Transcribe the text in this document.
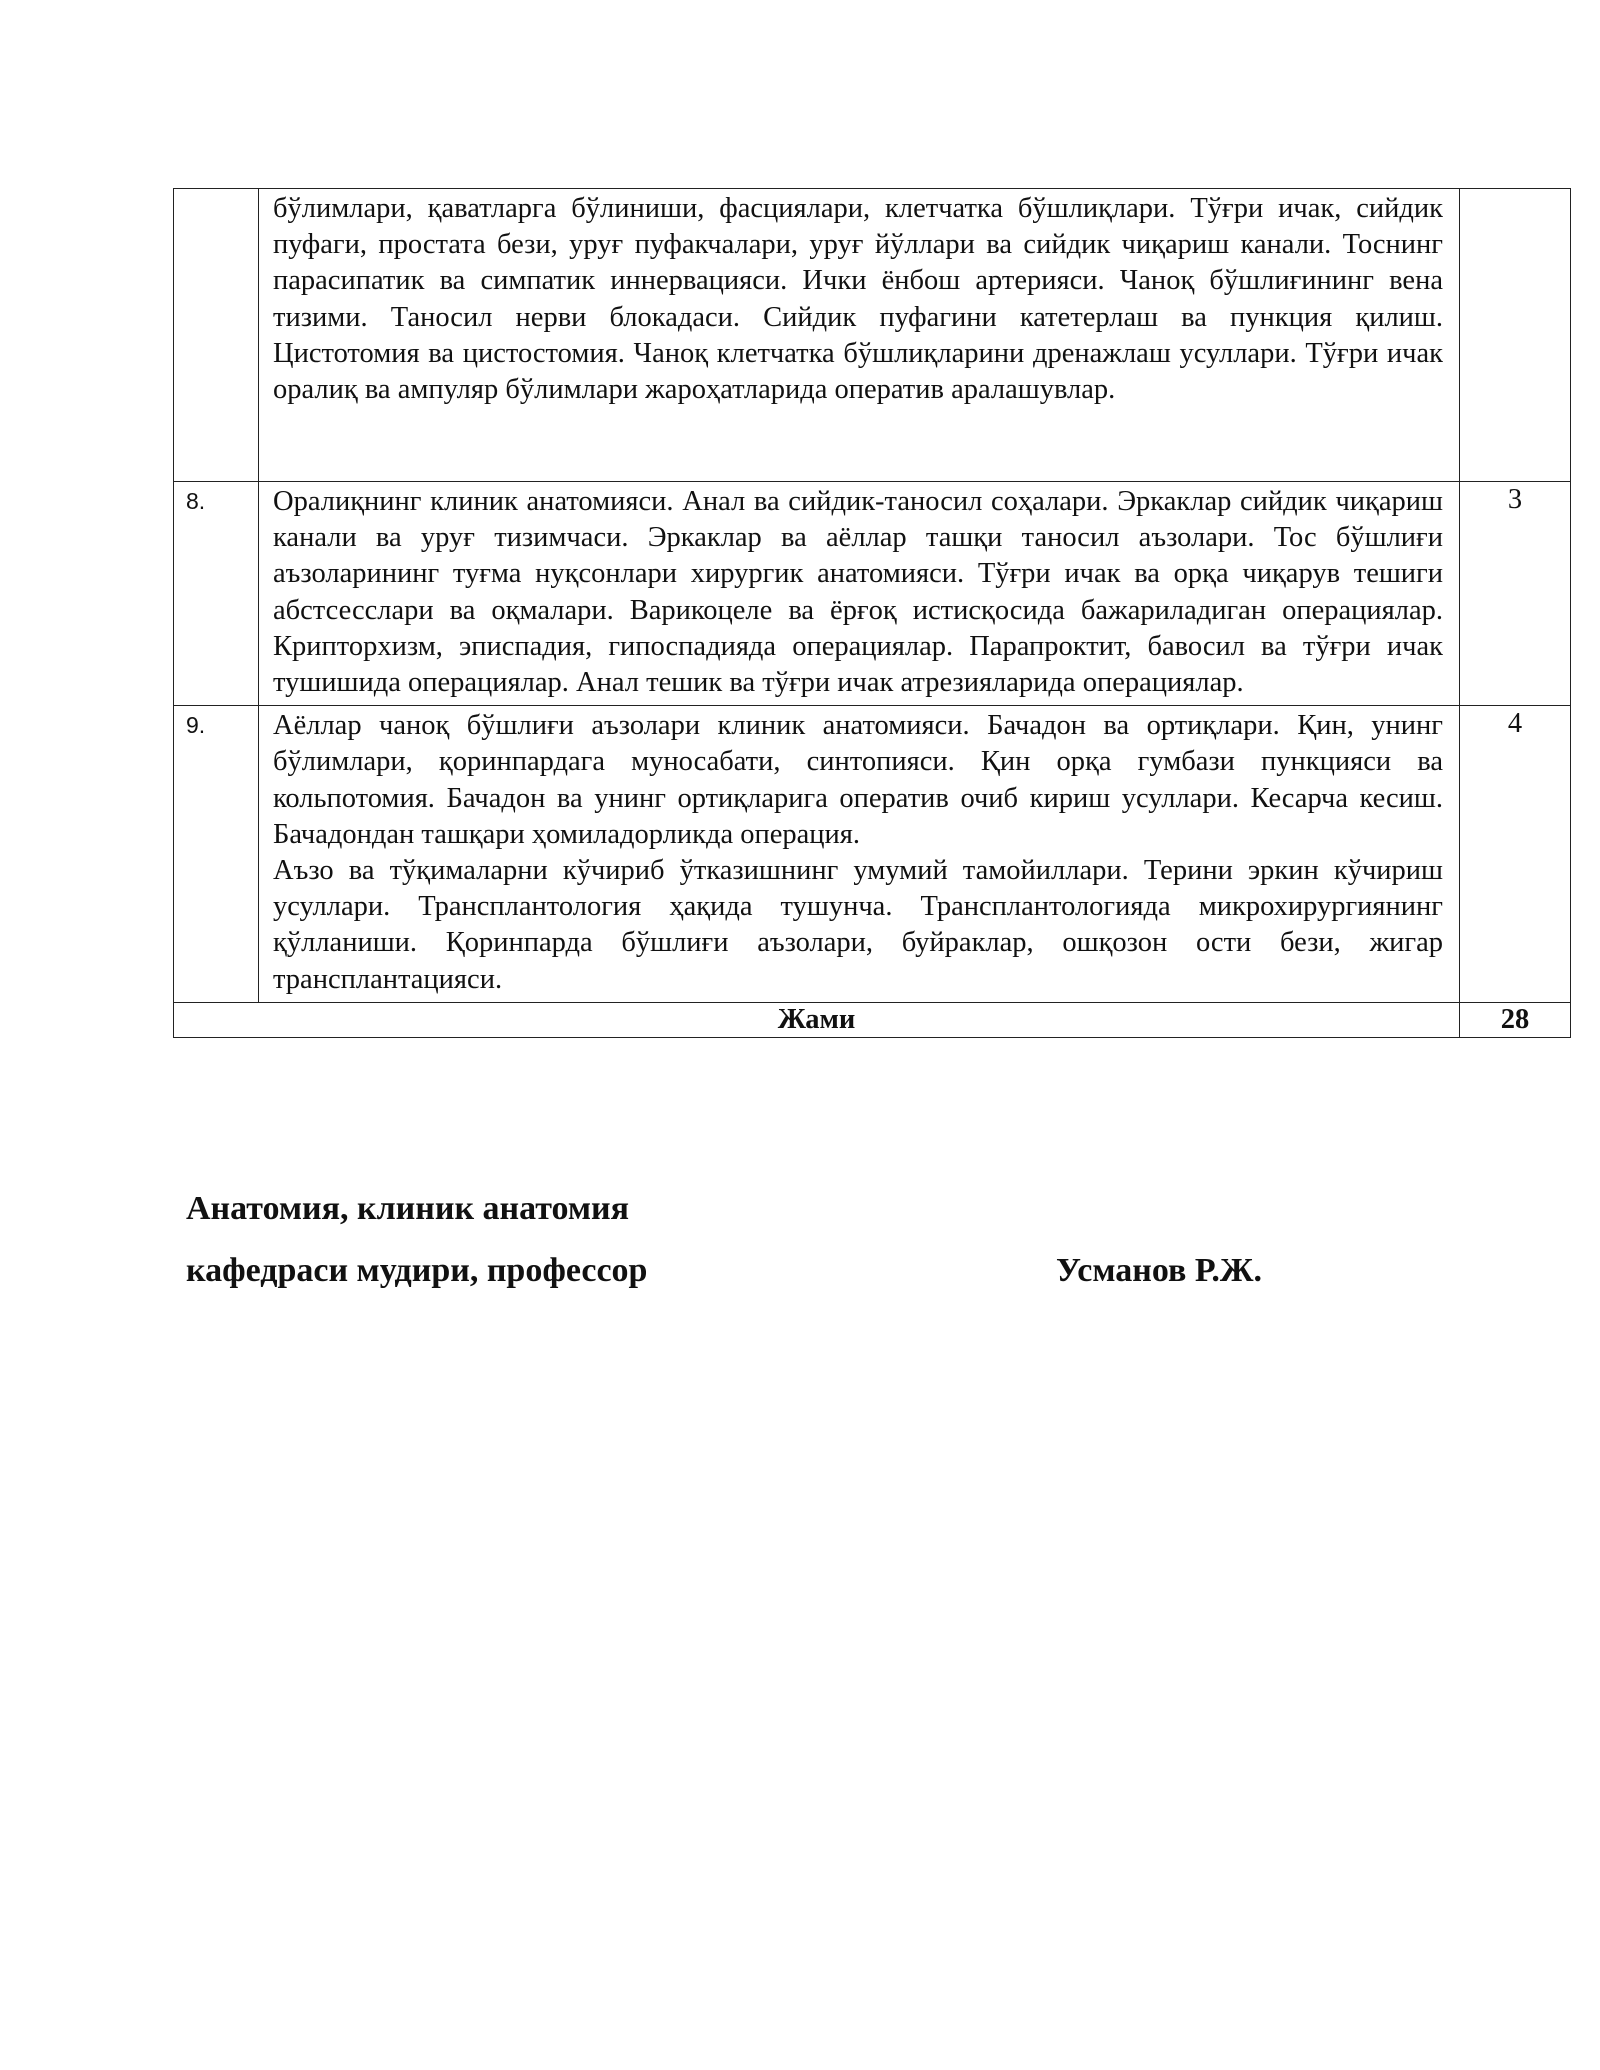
	бўлимлари, қаватларга бўлиниши, фасциялари, клетчатка бўшлиқлари. Тўғри ичак, сийдик пуфаги, простата бези, уруғ пуфакчалари, уруғ йўллари ва сийдик чиқариш канали. Тоснинг парасипатик ва симпатик иннервацияси. Ички ёнбош артерияси. Чаноқ бўшлиғининг вена тизими. Таносил нерви блокадаси. Сийдик пуфагини катетерлаш ва пункция қилиш. Цистотомия ва цистостомия. Чаноқ клетчатка бўшлиқларини дренажлаш усуллари. Тўғри ичак оралиқ ва ампуляр бўлимлари жароҳатларида оператив аралашувлар.	

8.	Оралиқнинг клиник анатомияси. Анал ва сийдик-таносил соҳалари. Эркаклар сийдик чиқариш канали ва уруғ тизимчаси. Эркаклар ва аёллар ташқи таносил аъзолари. Тос бўшлиғи аъзоларининг туғма нуқсонлари хирургик анатомияси. Тўғри ичак ва орқа чиқарув тешиги абстсесслари ва оқмалари. Варикоцеле ва ёрғоқ истисқосида бажариладиган операциялар. Крипторхизм, эписпадия, гипоспадияда операциялар. Парапроктит, бавосил ва тўғри ичак тушишида операциялар. Анал тешик ва тўғри ичак атрезияларида операциялар.	3
9.	Аёллар чаноқ бўшлиғи аъзолари клиник анатомияси. Бачадон ва ортиқлари. Қин, унинг бўлимлари, қоринпардага муносабати, синтопияси. Қин орқа гумбази пункцияси ва кольпотомия. Бачадон ва унинг ортиқларига оператив очиб кириш усуллари. Кесарча кесиш. Бачадондан ташқари ҳомиладорликда операция.

Аъзо ва тўқималарни кўчириб ўтказишнинг умумий тамойиллари. Терини эркин кўчириш усуллари. Трансплантология ҳақида тушунча. Трансплантологияда микрохирургиянинг қўлланиши. Қоринпарда бўшлиғи аъзолари, буйраклар, ошқозон ости бези, жигар трансплантацияси.	4
Жами		28
Анатомия, клиник анатомия
кафедраси мудири, профессор	Усманов Р.Ж.
